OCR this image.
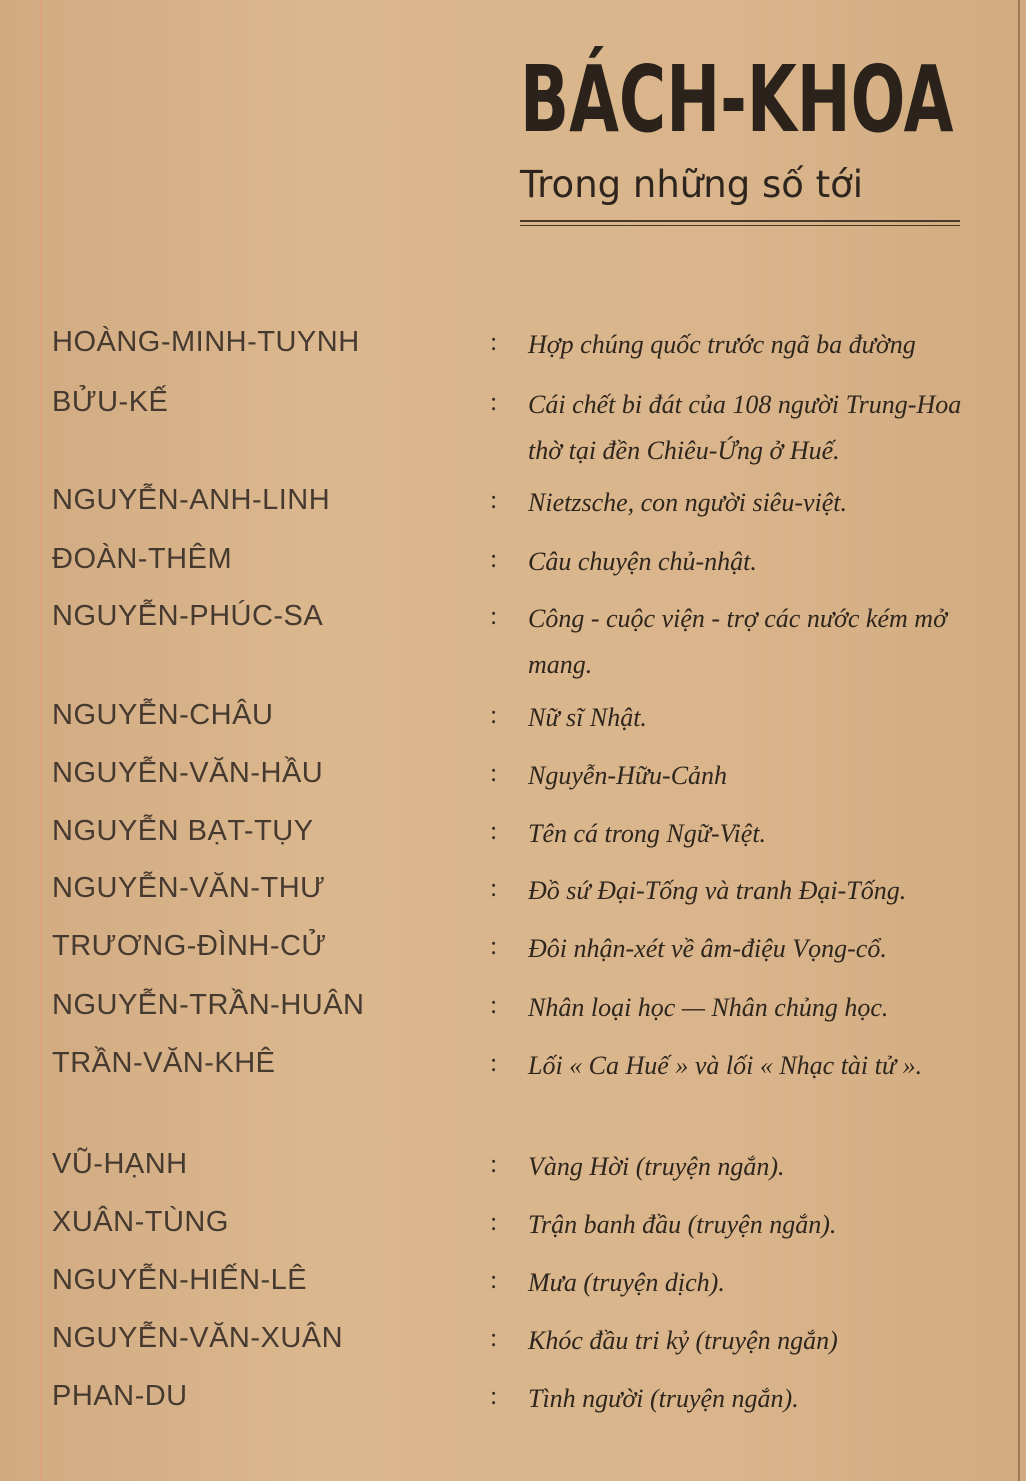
BÁCH-KHOA
Trong những số tới
HOÀNG-MINH-TUYNH	: Hợp chúng quốc trước ngã ba đường
BỬU-KẾ	: Cái chết bi đát của 108 người Trung-Hoa thờ tại đền Chiêu-Ứng ở Huế.
NGUYỄN-ANH-LINH	: Nietzsche, con người siêu-việt.
ĐOÀN-THÊM	: Câu chuyện chủ-nhật.
NGUYỄN-PHÚC-SA	: Công - cuộc viện - trợ các nước kém mở mang.
NGUYỄN-CHÂU	: Nữ sĩ Nhật.
NGUYỄN-VĂN-HẦU	: Nguyễn-Hữu-Cảnh
NGUYỄN BẠT-TỤY	: Tên cá trong Ngữ-Việt.
NGUYỄN-VĂN-THƯ	: Đồ sứ Đại-Tống và tranh Đại-Tống.
TRƯƠNG-ĐÌNH-CỬ	: Đôi nhận-xét về âm-điệu Vọng-cổ.
NGUYỄN-TRẦN-HUÂN	: Nhân loại học — Nhân chủng học.
TRẦN-VĂN-KHÊ	: Lối « Ca Huế » và lối « Nhạc tài tử ».
VŨ-HẠNH	: Vàng Hời (truyện ngắn).
XUÂN-TÙNG	: Trận banh đầu (truyện ngắn).
NGUYỄN-HIẾN-LÊ	: Mưa (truyện dịch).
NGUYỄN-VĂN-XUÂN	: Khóc đầu tri kỷ (truyện ngắn)
PHAN-DU	: Tình người (truyện ngắn).
